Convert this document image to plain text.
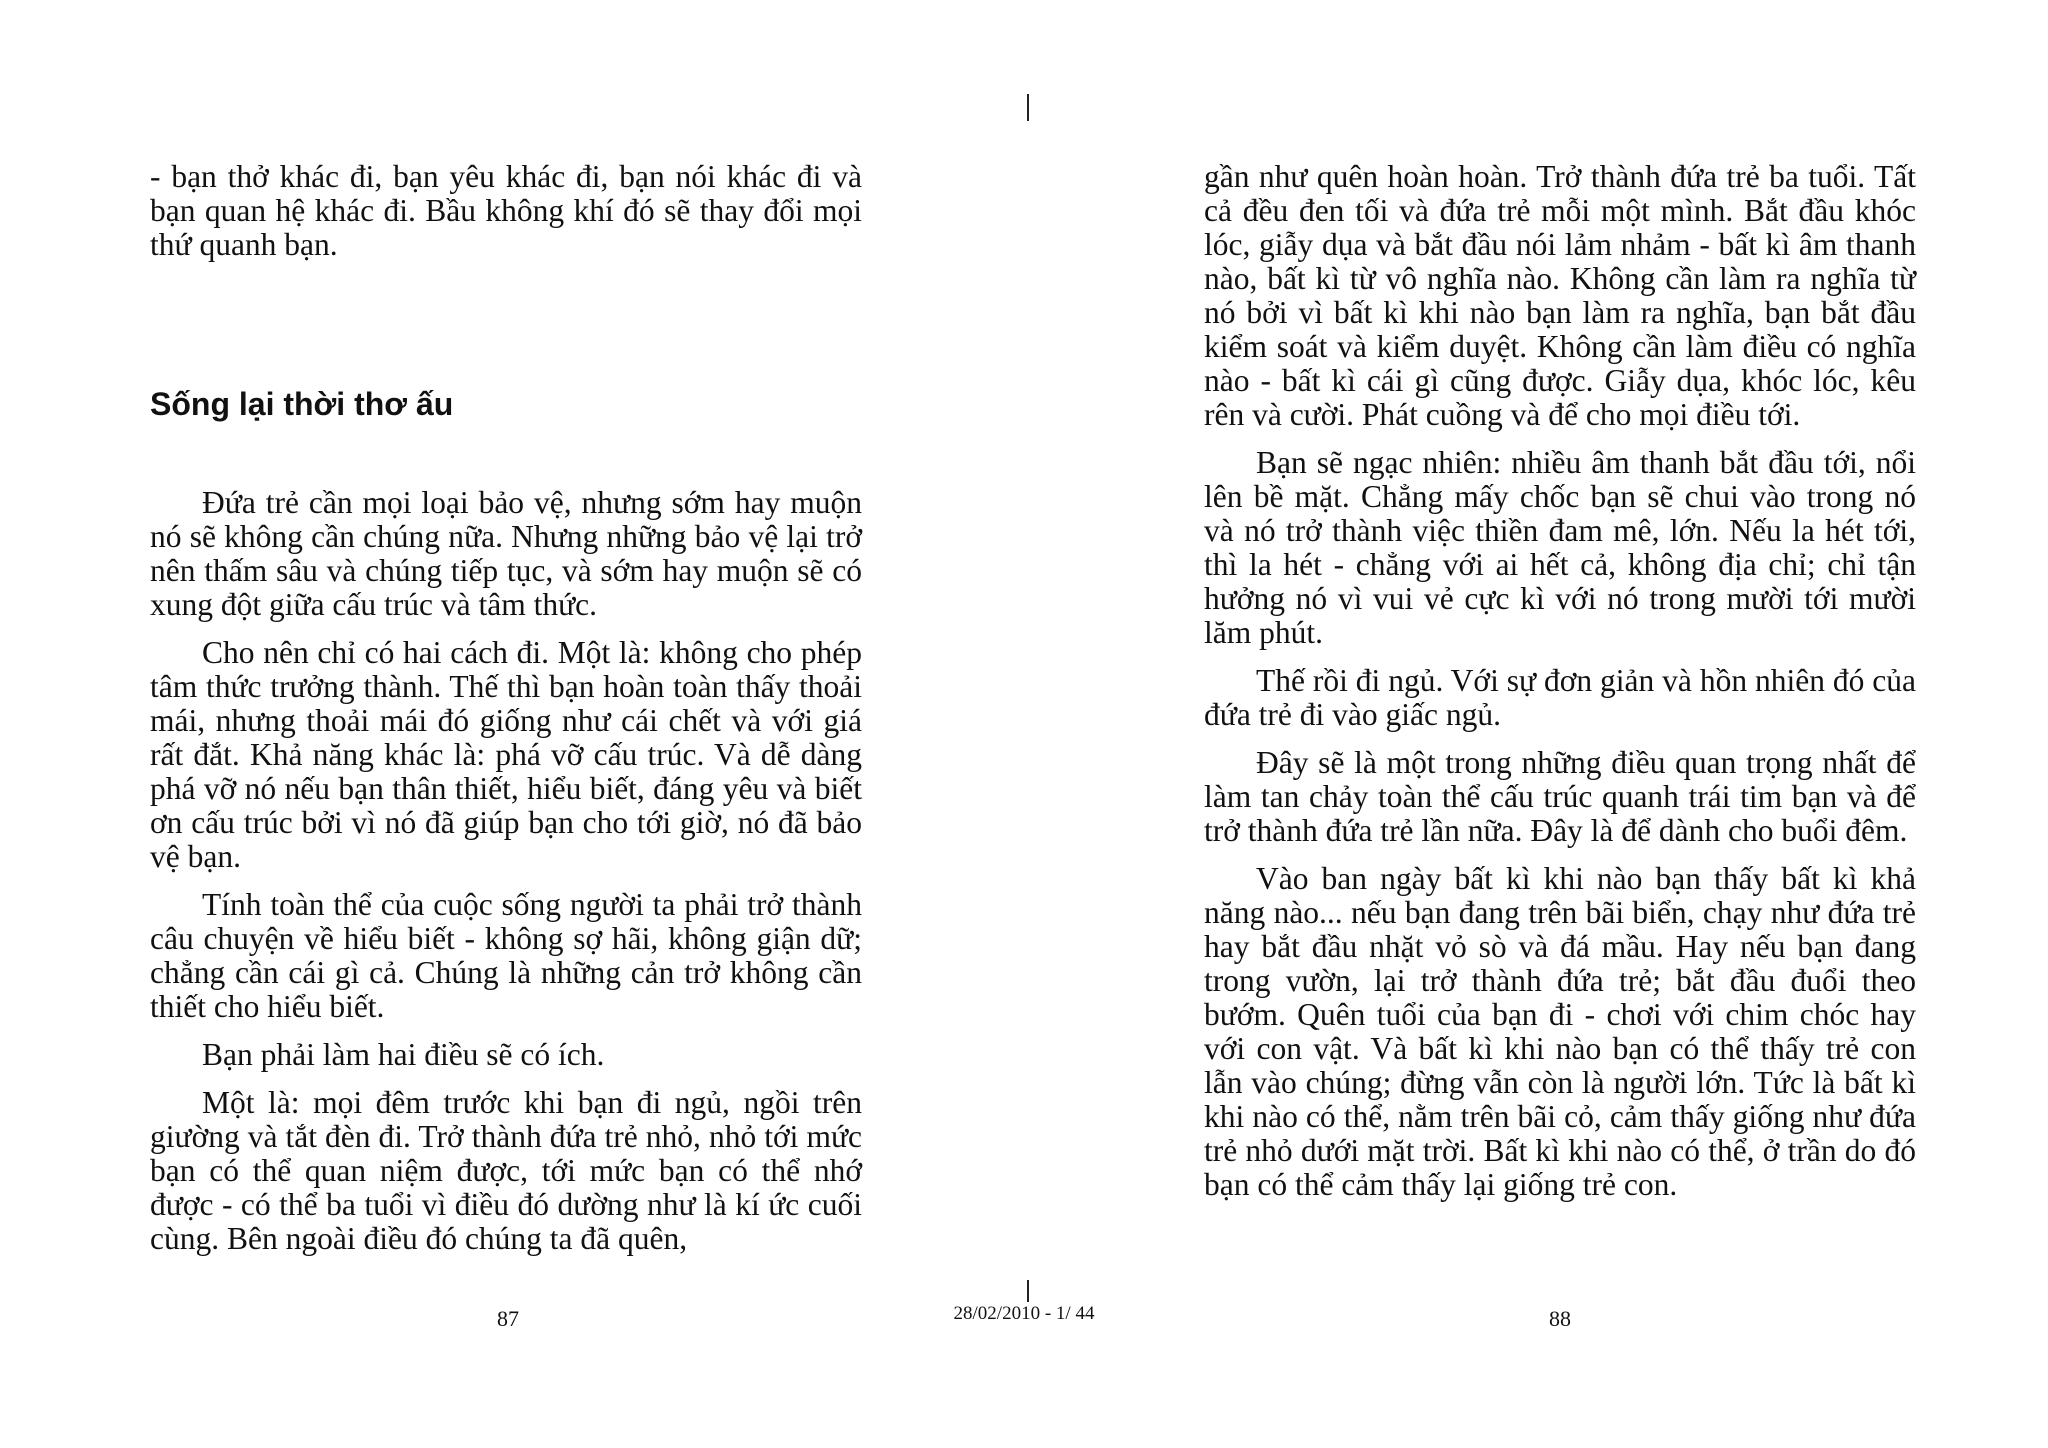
- bạn thở khác đi, bạn yêu khác đi, bạn nói khác đi và bạn quan hệ khác đi. Bầu không khí đó sẽ thay đổi mọi thứ quanh bạn.

Sống lại thời thơ ấu

Đứa trẻ cần mọi loại bảo vệ, nhưng sớm hay muộn nó sẽ không cần chúng nữa. Nhưng những bảo vệ lại trở nên thấm sâu và chúng tiếp tục, và sớm hay muộn sẽ có xung đột giữa cấu trúc và tâm thức.

Cho nên chỉ có hai cách đi. Một là: không cho phép tâm thức trưởng thành. Thế thì bạn hoàn toàn thấy thoải mái, nhưng thoải mái đó giống như cái chết và với giá rất đắt. Khả năng khác là: phá vỡ cấu trúc. Và dễ dàng phá vỡ nó nếu bạn thân thiết, hiểu biết, đáng yêu và biết ơn cấu trúc bởi vì nó đã giúp bạn cho tới giờ, nó đã bảo vệ bạn.

Tính toàn thể của cuộc sống người ta phải trở thành câu chuyện về hiểu biết - không sợ hãi, không giận dữ; chẳng cần cái gì cả. Chúng là những cản trở không cần thiết cho hiểu biết.

Bạn phải làm hai điều sẽ có ích.

Một là: mọi đêm trước khi bạn đi ngủ, ngồi trên giường và tắt đèn đi. Trở thành đứa trẻ nhỏ, nhỏ tới mức bạn có thể quan niệm được, tới mức bạn có thể nhớ được - có thể ba tuổi vì điều đó dường như là kí ức cuối cùng. Bên ngoài điều đó chúng ta đã quên,

gần như quên hoàn hoàn. Trở thành đứa trẻ ba tuổi. Tất cả đều đen tối và đứa trẻ mỗi một mình. Bắt đầu khóc lóc, giẫy dụa và bắt đầu nói lảm nhảm - bất kì âm thanh nào, bất kì từ vô nghĩa nào. Không cần làm ra nghĩa từ nó bởi vì bất kì khi nào bạn làm ra nghĩa, bạn bắt đầu kiểm soát và kiểm duyệt. Không cần làm điều có nghĩa nào - bất kì cái gì cũng được. Giẫy dụa, khóc lóc, kêu rên và cười. Phát cuồng và để cho mọi điều tới.

Bạn sẽ ngạc nhiên: nhiều âm thanh bắt đầu tới, nổi lên bề mặt. Chẳng mấy chốc bạn sẽ chui vào trong nó và nó trở thành việc thiền đam mê, lớn. Nếu la hét tới, thì la hét - chẳng với ai hết cả, không địa chỉ; chỉ tận hưởng nó vì vui vẻ cực kì với nó trong mười tới mười lăm phút.

Thế rồi đi ngủ. Với sự đơn giản và hồn nhiên đó của đứa trẻ đi vào giấc ngủ.

Đây sẽ là một trong những điều quan trọng nhất để làm tan chảy toàn thể cấu trúc quanh trái tim bạn và để trở thành đứa trẻ lần nữa. Đây là để dành cho buổi đêm.

Vào ban ngày bất kì khi nào bạn thấy bất kì khả năng nào... nếu bạn đang trên bãi biển, chạy như đứa trẻ hay bắt đầu nhặt vỏ sò và đá mầu. Hay nếu bạn đang trong vườn, lại trở thành đứa trẻ; bắt đầu đuổi theo bướm. Quên tuổi của bạn đi - chơi với chim chóc hay với con vật. Và bất kì khi nào bạn có thể thấy trẻ con lẫn vào chúng; đừng vẫn còn là người lớn. Tức là bất kì khi nào có thể, nằm trên bãi cỏ, cảm thấy giống như đứa trẻ nhỏ dưới mặt trời. Bất kì khi nào có thể, ở trần do đó bạn có thể cảm thấy lại giống trẻ con.

87	28/02/2010 - 1/ 44	88
